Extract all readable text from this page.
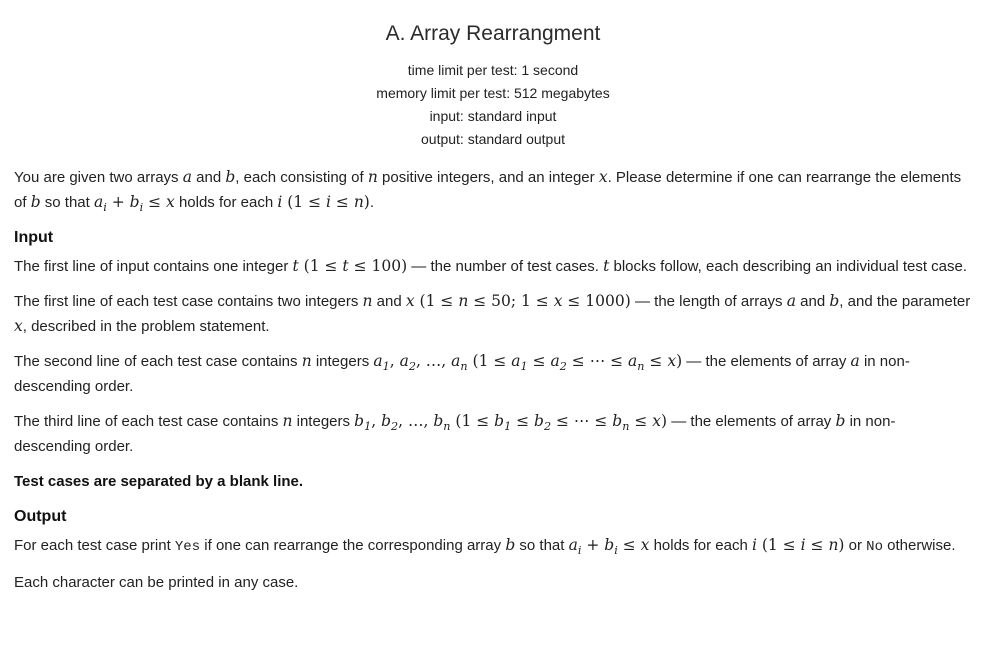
A. Array Rearrangment
time limit per test: 1 second
memory limit per test: 512 megabytes
input: standard input
output: standard output

You are given two arrays a and b, each consisting of n positive integers, and an integer x. Please determine if one can rearrange the elements of b so that $a_i + b_i \le x$ holds for each i (1 ≤ i ≤ n).

Input

The first line of input contains one integer t (1 ≤ t ≤ 100) — the number of test cases. t blocks follow, each describing an individual test case.

The first line of each test case contains two integers n and x (1 ≤ n ≤ 50; 1 ≤ x ≤ 1000) — the length of arrays a and b, and the parameter x, described in the problem statement.

The second line of each test case contains n integers $a_1$, $a_2$, …, $a_n$ ($1 \le a_1 \le a_2$ ≤ ⋯ ≤ $a_n \le x$) — the elements of array a in non-descending order.

The third line of each test case contains n integers $b_1$, $b_2$, …, $b_n$ ($1 \le b_1 \le b_2$ ≤ ⋯ ≤ $b_n \le x$) — the elements of array b in non-descending order.

Test cases are separated by a blank line.

Output

For each test case print Yes if one can rearrange the corresponding array b so that $a_i + b_i \le x$ holds for each i (1 ≤ i ≤ n) or No otherwise.

Each character can be printed in any case.
